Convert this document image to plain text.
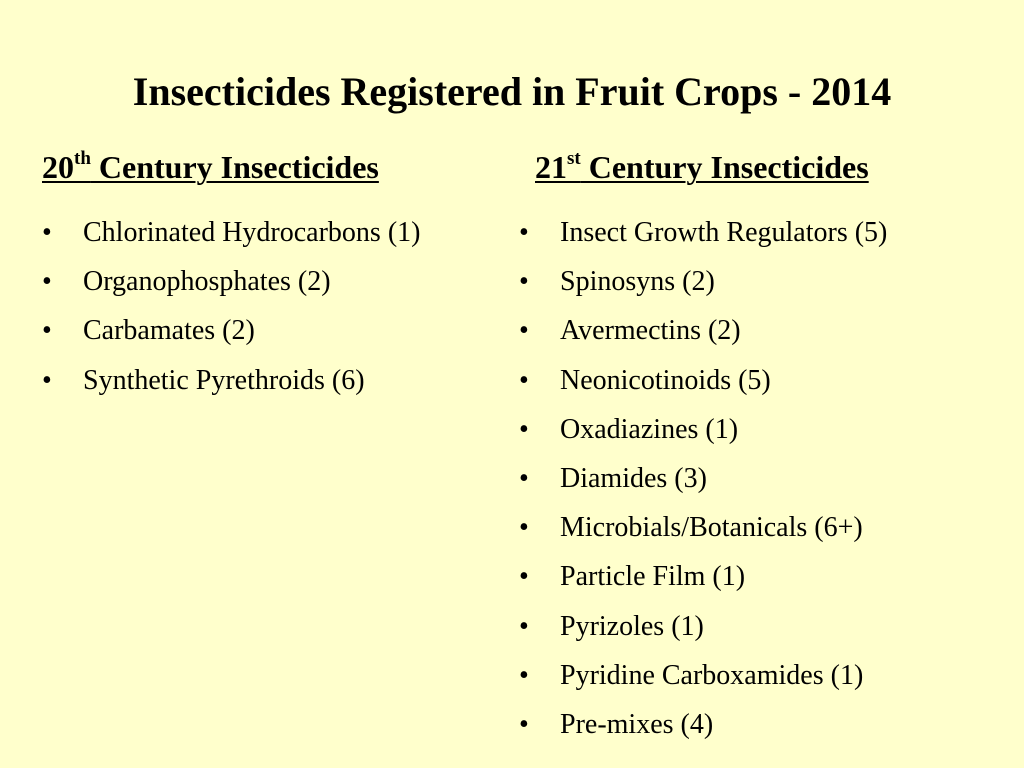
Insecticides Registered in Fruit Crops - 2014
20th Century Insecticides	21st Century Insecticides
•	Chlorinated Hydrocarbons (1)
•	Organophosphates (2)
•	Carbamates (2)
•	Synthetic Pyrethroids (6)
•	Insect Growth Regulators (5)
•	Spinosyns (2)
•	Avermectins (2)
•	Neonicotinoids (5)
•	Oxadiazines (1)
•	Diamides (3)
•	Microbials/Botanicals (6+)
•	Particle Film (1)
•	Pyrizoles (1)
•	Pyridine Carboxamides (1)
•	Pre-mixes (4)
